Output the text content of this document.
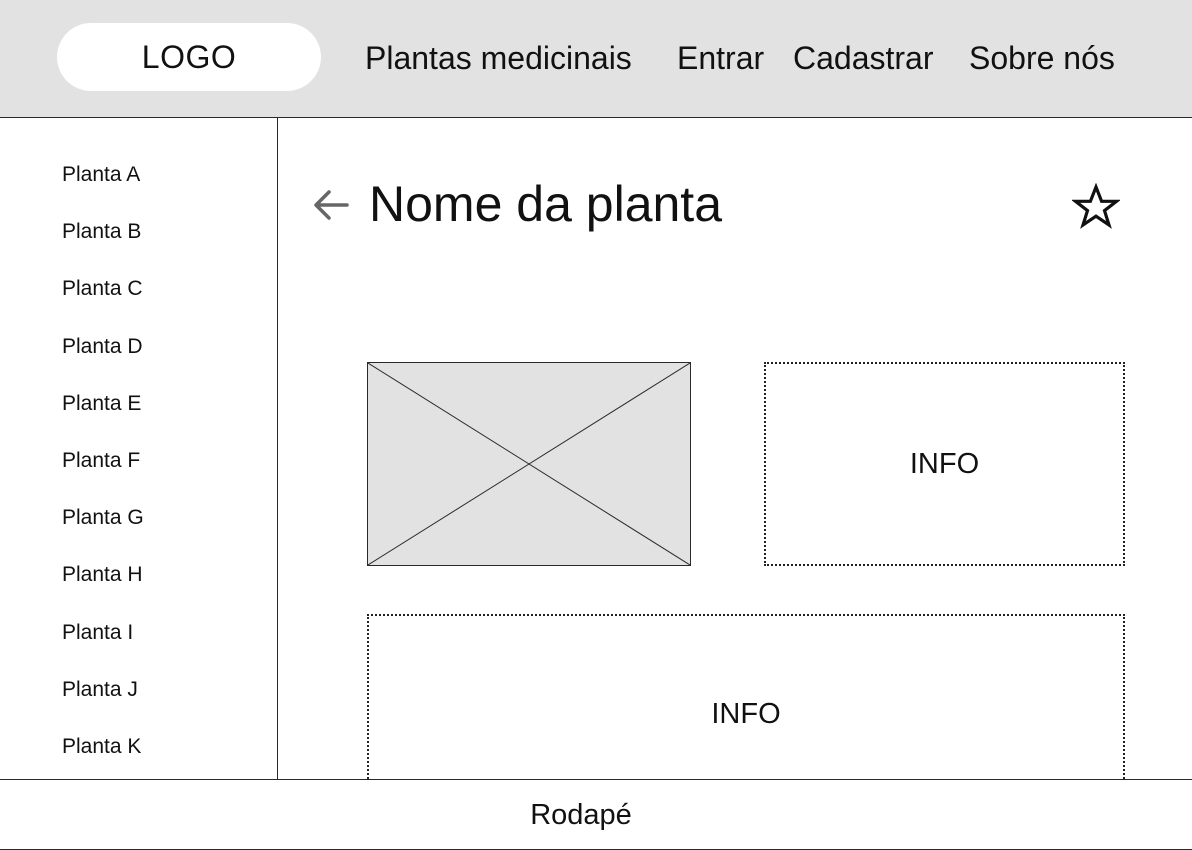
LOGO	Plantas medicinais Entrar Cadastrar Sobre nós
Planta A
Planta B
Planta C
Planta D
Planta E
Planta F
Planta G
Planta H
Planta I
Planta J
Planta K
Nome da planta
INFO
INFO
Rodapé
